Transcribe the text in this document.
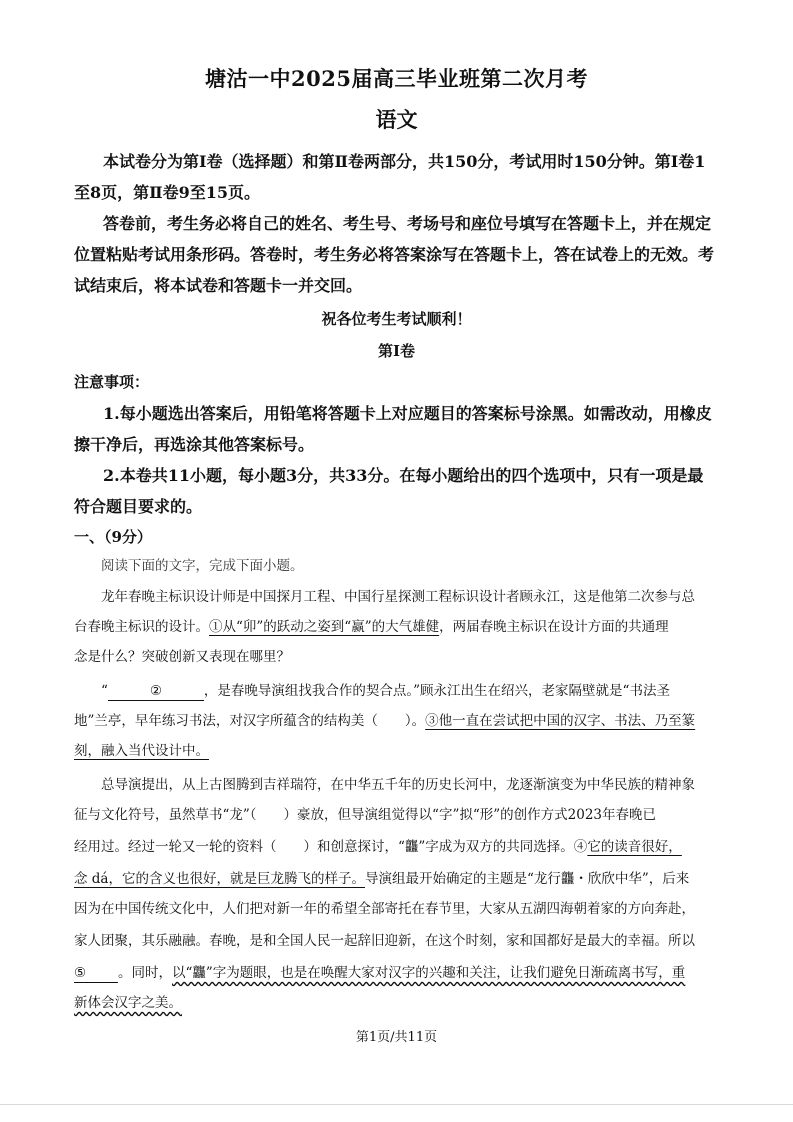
塘沽一中2025届高三毕业班第二次月考
语文
本试卷分为第Ⅰ卷（选择题）和第Ⅱ卷两部分，共150分，考试用时150分钟。第Ⅰ卷1
至8页，第Ⅱ卷9至15页。
答卷前，考生务必将自己的姓名、考生号、考场号和座位号填写在答题卡上，并在规定
位置粘贴考试用条形码。答卷时，考生务必将答案涂写在答题卡上，答在试卷上的无效。考
试结束后，将本试卷和答题卡一并交回。
祝各位考生考试顺利！
第Ⅰ卷
注意事项：
1.每小题选出答案后，用铅笔将答题卡上对应题目的答案标号涂黑。如需改动，用橡皮
擦干净后，再选涂其他答案标号。
2.本卷共11小题，每小题3分，共33分。在每小题给出的四个选项中，只有一项是最
符合题目要求的。
一、（9分）
阅读下面的文字，完成下面小题。
龙年春晚主标识设计师是中国探月工程、中国行星探测工程标识设计者顾永江，这是他第二次参与总
台春晚主标识的设计。①从“卯”的跃动之姿到“赢”的大气雄健，两届春晚主标识在设计方面的共通理
念是什么？突破创新又表现在哪里？
“	②	，是春晚导演组找我合作的契合点。”顾永江出生在绍兴，老家隔壁就是“书法圣
地”兰亭，早年练习书法，对汉字所蕴含的结构美（　　）。③他一直在尝试把中国的汉字、书法、乃至篆
刻，融入当代设计中。
总导演提出，从上古图腾到吉祥瑞符，在中华五千年的历史长河中，龙逐渐演变为中华民族的精神象
征与文化符号，虽然草书“龙”（　　）豪放，但导演组觉得以“字”拟“形”的创作方式2023年春晚已
经用过。经过一轮又一轮的资料（　　）和创意探讨，“龘”字成为双方的共同选择。④它的读音很好，
念 dá，它的含义也很好，就是巨龙腾飞的样子。导演组最开始确定的主题是“龙行龘・欣欣中华”，后来
因为在中国传统文化中，人们把对新一年的希望全部寄托在春节里，大家从五湖四海朝着家的方向奔赴，
家人团聚，其乐融融。春晚，是和全国人民一起辞旧迎新，在这个时刻，家和国都好是最大的幸福。所以
⑤ 。同时，以“龘”字为题眼，也是在唤醒大家对汉字的兴趣和关注，让我们避免日渐疏离书写，重
新体会汉字之美。
第1页/共11页
